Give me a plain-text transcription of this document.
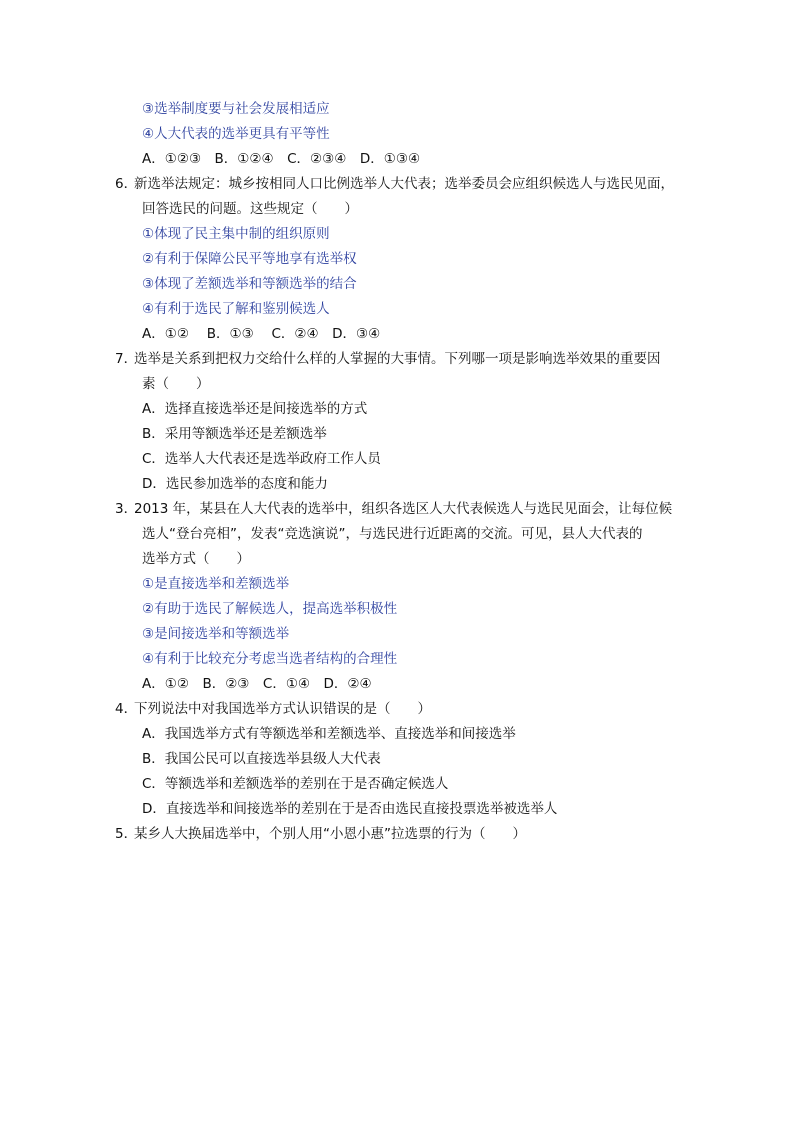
③选举制度要与社会发展相适应
④人大代表的选举更具有平等性
A．①②③　B．①②④　C．②③④　D．①③④
6．
新选举法规定：城乡按相同人口比例选举人大代表；选举委员会应组织候选人与选民见面，
回答选民的问题。这些规定（　　）
①体现了民主集中制的组织原则
②有利于保障公民平等地享有选举权
③体现了差额选举和等额选举的结合
④有利于选民了解和鉴别候选人
A．①②　 B．①③　 C．②④　D．③④
7．
选举是关系到把权力交给什么样的人掌握的大事情。下列哪一项是影响选举效果的重要因
素（　　）
A．选择直接选举还是间接选举的方式
B．采用等额选举还是差额选举
C．选举人大代表还是选举政府工作人员
D．选民参加选举的态度和能力
3．
2013 年，某县在人大代表的选举中，组织各选区人大代表候选人与选民见面会，让每位候
选人“登台亮相”，发表“竞选演说”，与选民进行近距离的交流。可见，县人大代表的
选举方式（　　）
①是直接选举和差额选举
②有助于选民了解候选人，提高选举积极性
③是间接选举和等额选举
④有利于比较充分考虑当选者结构的合理性
A．①②　B．②③　C．①④　D．②④
4．
下列说法中对我国选举方式认识错误的是（　　）
A．我国选举方式有等额选举和差额选举、直接选举和间接选举
B．我国公民可以直接选举县级人大代表
C．等额选举和差额选举的差别在于是否确定候选人
D．直接选举和间接选举的差别在于是否由选民直接投票选举被选举人
5．
某乡人大换届选举中，个别人用“小恩小惠”拉选票的行为（　　）
